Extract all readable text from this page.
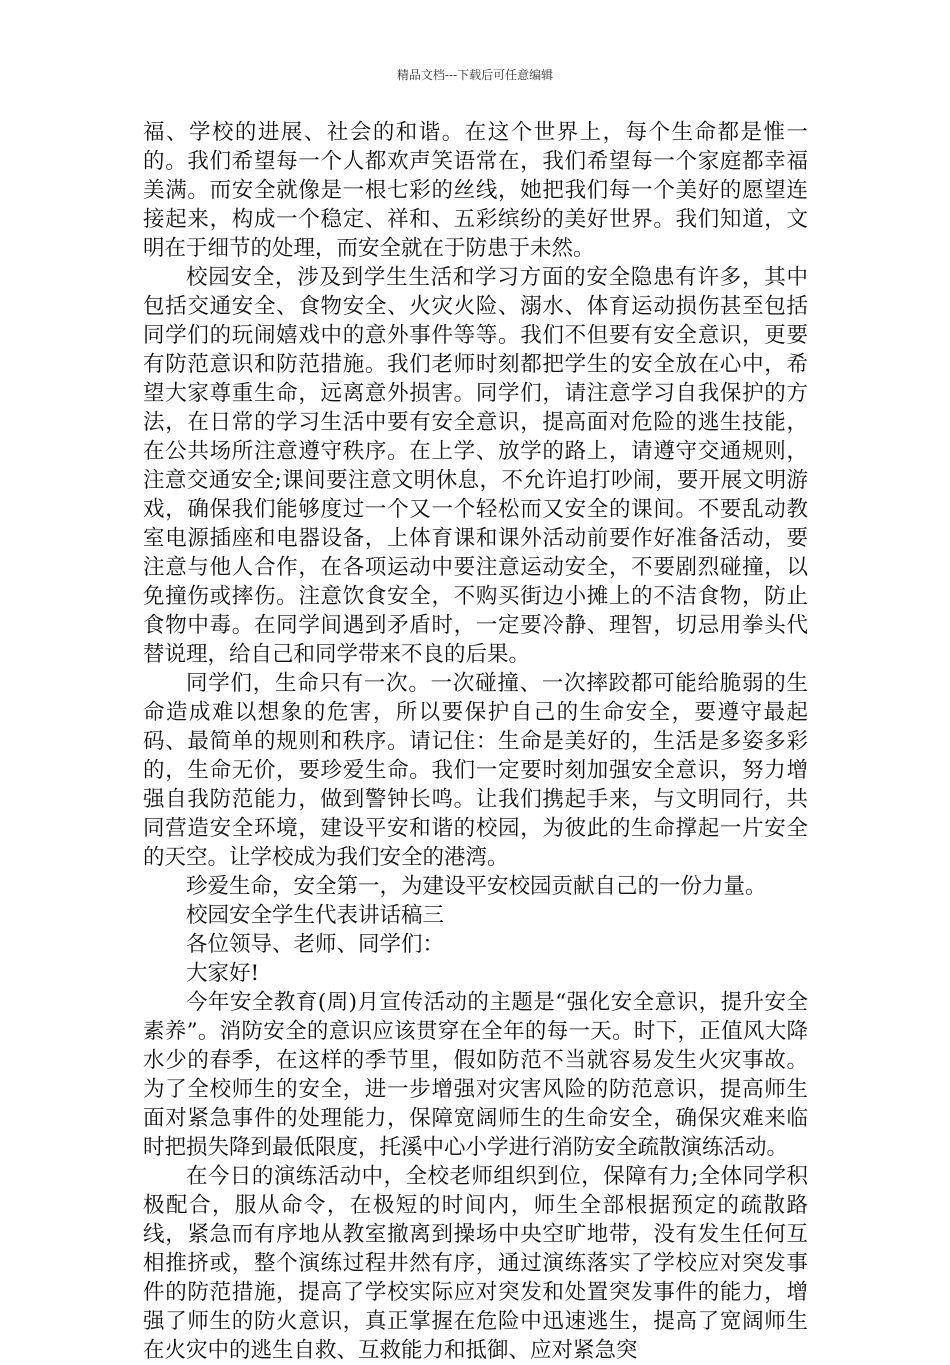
精品文档---下载后可任意编辑

福、学校的进展、社会的和谐。在这个世界上，每个生命都是惟一的。我们希望每一个人都欢声笑语常在，我们希望每一个家庭都幸福美满。而安全就像是一根七彩的丝线，她把我们每一个美好的愿望连接起来，构成一个稳定、祥和、五彩缤纷的美好世界。我们知道，文明在于细节的处理，而安全就在于防患于未然。

校园安全，涉及到学生生活和学习方面的安全隐患有许多，其中包括交通安全、食物安全、火灾火险、溺水、体育运动损伤甚至包括同学们的玩闹嬉戏中的意外事件等等。我们不但要有安全意识，更要有防范意识和防范措施。我们老师时刻都把学生的安全放在心中，希望大家尊重生命，远离意外损害。同学们，请注意学习自我保护的方法，在日常的学习生活中要有安全意识，提高面对危险的逃生技能，在公共场所注意遵守秩序。在上学、放学的路上，请遵守交通规则，注意交通安全;课间要注意文明休息，不允许追打吵闹，要开展文明游戏，确保我们能够度过一个又一个轻松而又安全的课间。不要乱动教室电源插座和电器设备，上体育课和课外活动前要作好准备活动，要注意与他人合作，在各项运动中要注意运动安全，不要剧烈碰撞，以免撞伤或摔伤。注意饮食安全，不购买街边小摊上的不洁食物，防止食物中毒。在同学间遇到矛盾时，一定要冷静、理智，切忌用拳头代替说理，给自己和同学带来不良的后果。

同学们，生命只有一次。一次碰撞、一次摔跤都可能给脆弱的生命造成难以想象的危害，所以要保护自己的生命安全，要遵守最起码、最简单的规则和秩序。请记住：生命是美好的，生活是多姿多彩的，生命无价，要珍爱生命。我们一定要时刻加强安全意识，努力增强自我防范能力，做到警钟长鸣。让我们携起手来，与文明同行，共同营造安全环境，建设平安和谐的校园，为彼此的生命撑起一片安全的天空。让学校成为我们安全的港湾。

珍爱生命，安全第一，为建设平安校园贡献自己的一份力量。

校园安全学生代表讲话稿三

各位领导、老师、同学们：

大家好!

今年安全教育(周)月宣传活动的主题是“强化安全意识，提升安全素养”。消防安全的意识应该贯穿在全年的每一天。时下，正值风大降水少的春季，在这样的季节里，假如防范不当就容易发生火灾事故。为了全校师生的安全，进一步增强对灾害风险的防范意识，提高师生面对紧急事件的处理能力，保障宽阔师生的生命安全，确保灾难来临时把损失降到最低限度，托溪中心小学进行消防安全疏散演练活动。

在今日的演练活动中，全校老师组织到位，保障有力;全体同学积极配合，服从命令，在极短的时间内，师生全部根据预定的疏散路线，紧急而有序地从教室撤离到操场中央空旷地带，没有发生任何互相推挤或，整个演练过程井然有序，通过演练落实了学校应对突发事件的防范措施，提高了学校实际应对突发和处置突发事件的能力，增强了师生的防火意识，真正掌握在危险中迅速逃生，提高了宽阔师生在火灾中的逃生自救、互救能力和抵御、应对紧急突
